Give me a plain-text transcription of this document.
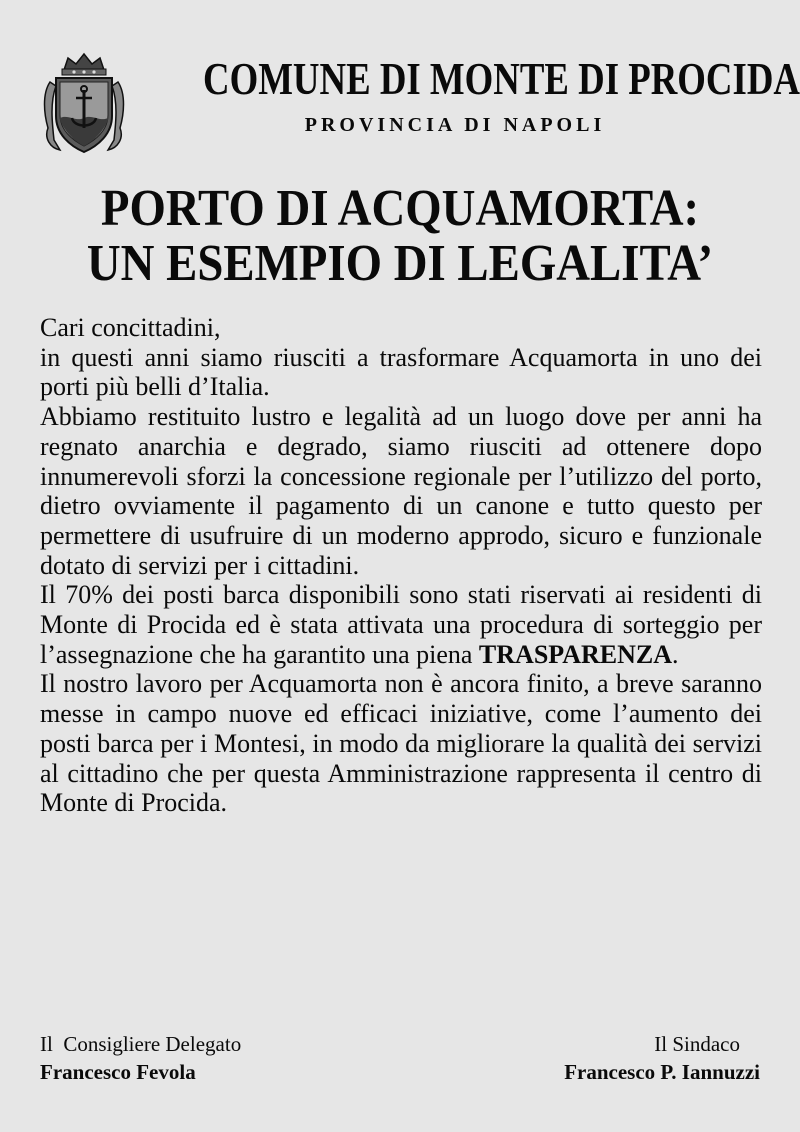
COMUNE DI MONTE DI PROCIDA
PROVINCIA DI NAPOLI
PORTO DI ACQUAMORTA:
UN ESEMPIO DI LEGALITA’

Cari concittadini,

in questi anni siamo riusciti a trasformare Acquamorta in uno dei porti più belli d’Italia.

Abbiamo restituito lustro e legalità ad un luogo dove per anni ha regnato anarchia e degrado, siamo riusciti ad ottenere dopo innumerevoli sforzi la concessione regionale per l’utilizzo del porto, dietro ovviamente il pagamento di un canone e tutto questo per permettere di usufruire di un moderno approdo, sicuro e funzionale dotato di servizi per i cittadini.

Il 70% dei posti barca disponibili sono stati riservati ai residenti di Monte di Procida ed è stata attivata una procedura di sorteggio per l’assegnazione che ha garantito una piena TRASPARENZA.

Il nostro lavoro per Acquamorta non è ancora finito, a breve saranno messe in campo nuove ed efficaci iniziative, come l’aumento dei posti barca per i Montesi, in modo da migliorare la qualità dei servizi al cittadino che per questa Amministrazione rappresenta il centro di Monte di Procida.

Il  Consigliere Delegato
Francesco Fevola
Il Sindaco
Francesco P. Iannuzzi
